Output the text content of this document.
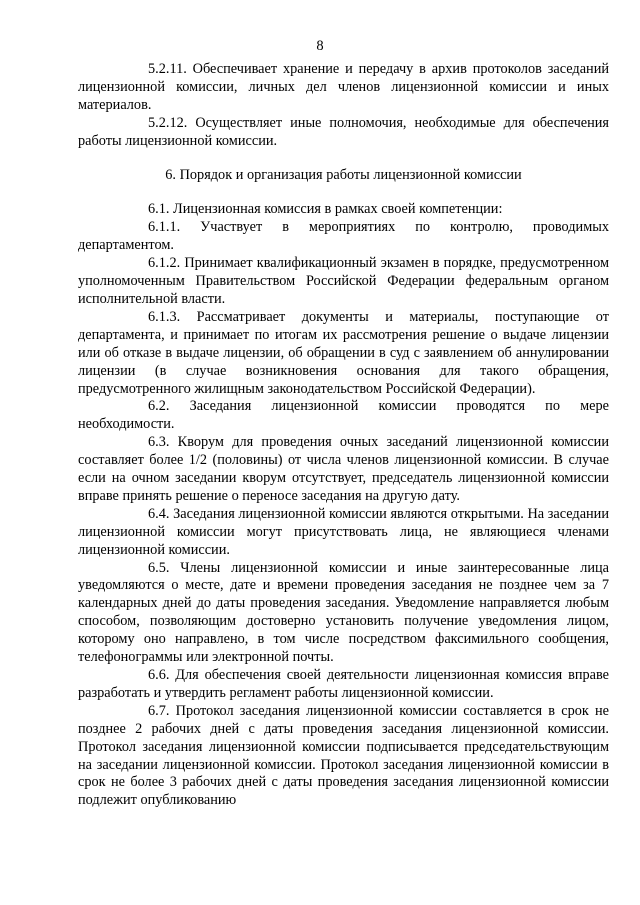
8

5.2.11. Обеспечивает хранение и передачу в архив протоколов заседаний лицензионной комиссии, личных дел членов лицензионной комиссии и иных материалов.

5.2.12. Осуществляет иные полномочия, необходимые для обеспечения работы лицензионной комиссии.

6. Порядок и организация работы лицензионной комиссии

6.1. Лицензионная комиссия в рамках своей компетенции:

6.1.1. Участвует в мероприятиях по контролю, проводимых департаментом.

6.1.2. Принимает квалификационный экзамен в порядке, предусмотренном уполномоченным Правительством Российской Федерации федеральным органом исполнительной власти.

6.1.3. Рассматривает документы и материалы, поступающие от департамента, и принимает по итогам их рассмотрения решение о выдаче лицензии или об отказе в выдаче лицензии, об обращении в суд с заявлением об аннулировании лицензии (в случае возникновения основания для такого обращения, предусмотренного жилищным законодательством Российской Федерации).

6.2. Заседания лицензионной комиссии проводятся по мере необходимости.

6.3. Кворум для проведения очных заседаний лицензионной комиссии составляет более 1/2 (половины) от числа членов лицензионной комиссии. В случае если на очном заседании кворум отсутствует, председатель лицензионной комиссии вправе принять решение о переносе заседания на другую дату.

6.4. Заседания лицензионной комиссии являются открытыми. На заседании лицензионной комиссии могут присутствовать лица, не являющиеся членами лицензионной комиссии.

6.5. Члены лицензионной комиссии и иные заинтересованные лица уведомляются о месте, дате и времени проведения заседания не позднее чем за 7 календарных дней до даты проведения заседания. Уведомление направляется любым способом, позволяющим достоверно установить получение уведомления лицом, которому оно направлено, в том числе посредством факсимильного сообщения, телефонограммы или электронной почты.

6.6. Для обеспечения своей деятельности лицензионная комиссия вправе разработать и утвердить регламент работы лицензионной комиссии.

6.7. Протокол заседания лицензионной комиссии составляется в срок не позднее 2 рабочих дней с даты проведения заседания лицензионной комиссии. Протокол заседания лицензионной комиссии подписывается председательствующим на заседании лицензионной комиссии. Протокол заседания лицензионной комиссии в срок не более 3 рабочих дней с даты проведения заседания лицензионной комиссии подлежит опубликованию
